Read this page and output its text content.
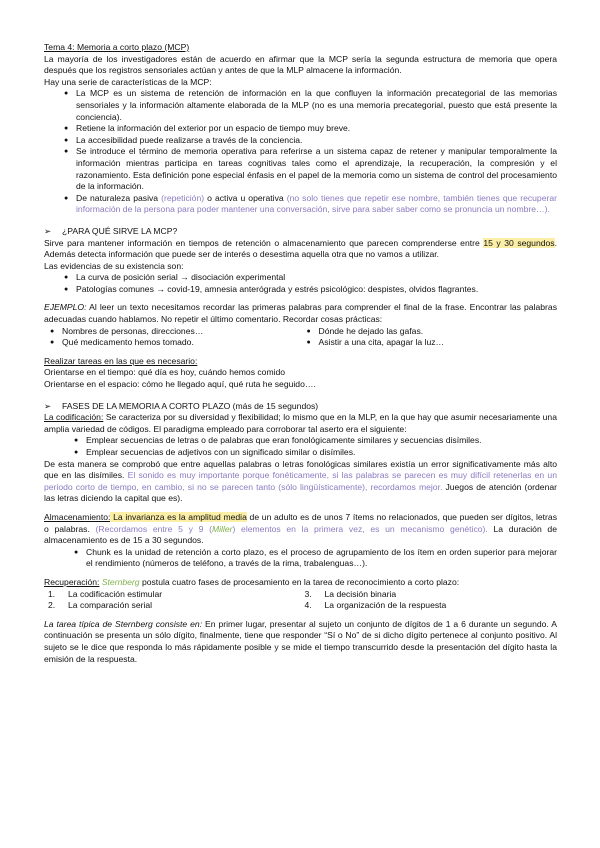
Tema 4: Memoria a corto plazo (MCP)

La mayoría de los investigadores están de acuerdo en afirmar que la MCP sería la segunda estructura de memoria que opera después que los registros sensoriales actúan y antes de que la MLP almacene la información.

Hay una serie de características de la MCP:

● La MCP es un sistema de retención de información en la que confluyen la información precategorial de las memorias sensoriales y la información altamente elaborada de la MLP (no es una memoria precategorial, puesto que está presente la conciencia).
● Retiene la información del exterior por un espacio de tiempo muy breve.
● La accesibilidad puede realizarse a través de la conciencia.
● Se introduce el término de memoria operativa para referirse a un sistema capaz de retener y manipular temporalmente la información mientras participa en tareas cognitivas tales como el aprendizaje, la recuperación, la compresión y el razonamiento. Esta definición pone especial énfasis en el papel de la memoria como un sistema de control del procesamiento de la información.
● De naturaleza pasiva (repetición) o activa u operativa (no solo tienes que repetir ese nombre, también tienes que recuperar información de la persona para poder mantener una conversación, sirve para saber saber como se pronuncia un nombre…).

➢ ¿PARA QUÉ SIRVE LA MCP?

Sirve para mantener información en tiempos de retención o almacenamiento que parecen comprenderse entre 15 y 30 segundos. Además detecta información que puede ser de interés o desestima aquella otra que no vamos a utilizar.

Las evidencias de su existencia son:

● La curva de posición serial → disociación experimental
● Patologías comunes → covid-19, amnesia anterógrada y estrés psicológico: despistes, olvidos flagrantes.

EJEMPLO: Al leer un texto necesitamos recordar las primeras palabras para comprender el final de la frase. Encontrar las palabras adecuadas cuando hablamos. No repetir el último comentario. Recordar cosas prácticas:

● Nombres de personas, direcciones…
● Qué medicamento hemos tomado.
● Dónde he dejado las gafas.
● Asistir a una cita, apagar la luz…

Realizar tareas en las que es necesario:

Orientarse en el tiempo: qué día es hoy, cuándo hemos comido

Orientarse en el espacio: cómo he llegado aquí, qué ruta he seguido….

➢ FASES DE LA MEMORIA A CORTO PLAZO (más de 15 segundos)

La codificación: Se caracteriza por su diversidad y flexibilidad; lo mismo que en la MLP, en la que hay que asumir necesariamente una amplia variedad de códigos. El paradigma empleado para corroborar tal aserto era el siguiente:

● Emplear secuencias de letras o de palabras que eran fonológicamente similares y secuencias disímiles.
● Emplear secuencias de adjetivos con un significado similar o disímiles.

De esta manera se comprobó que entre aquellas palabras o letras fonológicas similares existía un error significativamente más alto que en las disímiles. El sonido es muy importante porque fonéticamente, si las palabras se parecen es muy difícil retenerlas en un periodo corto de tiempo, en cambio, si no se parecen tanto (sólo lingüísticamente), recordamos mejor. Juegos de atención (ordenar las letras diciendo la capital que es).

Almacenamiento: La invarianza es la amplitud media de un adulto es de unos 7 ítems no relacionados, que pueden ser dígitos, letras o palabras. (Recordamos entre 5 y 9 (Miller) elementos en la primera vez, es un mecanismo genético). La duración de almacenamiento es de 15 a 30 segundos.

● Chunk es la unidad de retención a corto plazo, es el proceso de agrupamiento de los ítem en orden superior para mejorar el rendimiento (números de teléfono, a través de la rima, trabalenguas…).

Recuperación: Sternberg postula cuatro fases de procesamiento en la tarea de reconocimiento a corto plazo:

1.	La codificación estimular
2.	La comparación serial
3.	La decisión binaria
4.	La organización de la respuesta

La tarea típica de Sternberg consiste en: En primer lugar, presentar al sujeto un conjunto de dígitos de 1 a 6 durante un segundo. A continuación se presenta un sólo dígito, finalmente, tiene que responder “Sí o No” de si dicho dígito pertenece al conjunto positivo. Al sujeto se le dice que responda lo más rápidamente posible y se mide el tiempo transcurrido desde la presentación del dígito hasta la emisión de la respuesta.
